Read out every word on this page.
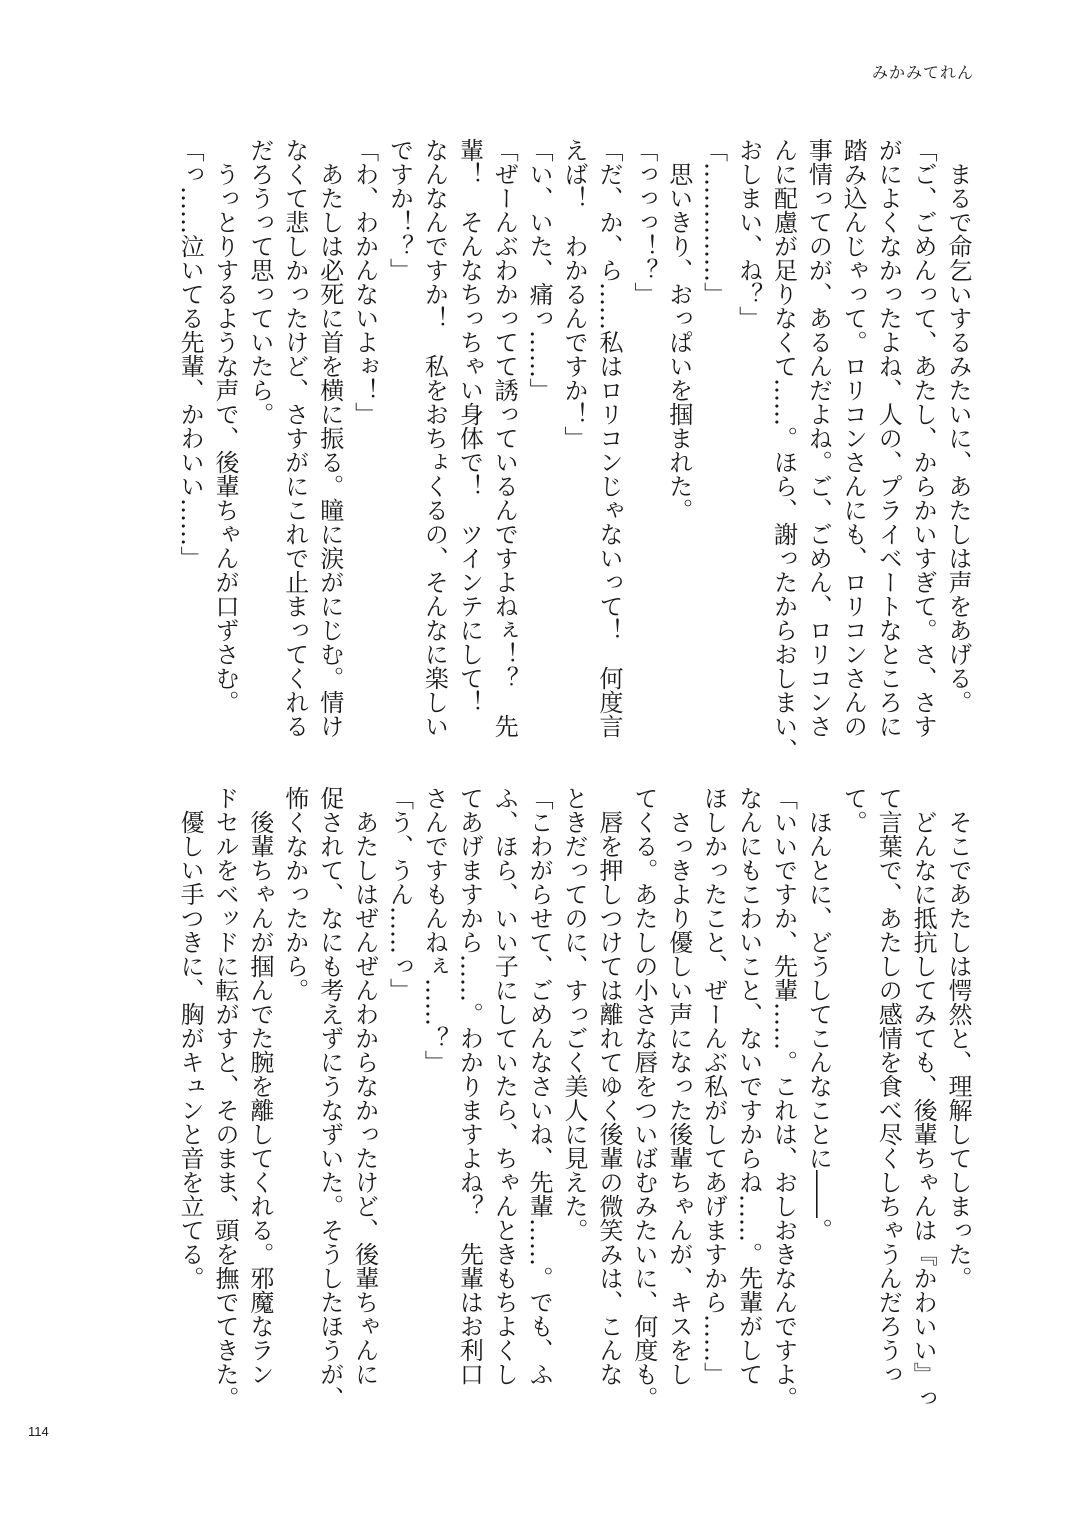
みかみてれん
　まるで命乞いするみたいに、あたしは声をあげる。
「ご、ごめんって、あたし、からかいすぎて。さ、さす
がによくなかったよね、人の、プライベートなところに
踏み込んじゃって。ロリコンさんにも、ロリコンさんの
事情ってのが、あるんだよね。ご、ごめん、ロリコンさ
んに配慮が足りなくて……。ほら、謝ったからおしまい、
おしまい、ね？」
「……………」
　思いきり、おっぱいを掴まれた。
「っっっ！？」
「だ、か、ら……私はロリコンじゃないって！　何度言
えば！　わかるんですか！」
「い、いた、痛っ……」
「ぜーんぶわかってて誘っているんですよねぇ！？　先
輩！　そんなちっちゃい身体で！　ツインテにして！
なんなんですか！　私をおちょくるの、そんなに楽しい
ですか！？」
「わ、わかんないよぉ！」
　あたしは必死に首を横に振る。瞳に涙がにじむ。情け
なくて悲しかったけど、さすがにこれで止まってくれる
だろうって思っていたら。
　うっとりするような声で、後輩ちゃんが口ずさむ。
「っ……泣いてる先輩、かわいい……」
　そこであたしは愕然と、理解してしまった。
　どんなに抵抗してみても、後輩ちゃんは『かわいい』っ
て言葉で、あたしの感情を食べ尽くしちゃうんだろうっ
て。
　ほんとに、どうしてこんなことに――。
「いいですか、先輩……。これは、おしおきなんですよ。
なんにもこわいこと、ないですからね……。先輩がして
ほしかったこと、ぜーんぶ私がしてあげますから……」
　さっきより優しい声になった後輩ちゃんが、キスをし
てくる。あたしの小さな唇をついばむみたいに、何度も。
　唇を押しつけては離れてゆく後輩の微笑みは、こんな
ときだってのに、すっごく美人に見えた。
「こわがらせて、ごめんなさいね、先輩……。でも、ふ
ふ、ほら、いい子にしていたら、ちゃんときもちよくし
てあげますから……。わかりますよね？　先輩はお利口
さんですもんねぇ……？」
「う、うん……っ」
　あたしはぜんぜんわからなかったけど、後輩ちゃんに
促されて、なにも考えずにうなずいた。そうしたほうが、
怖くなかったから。
　後輩ちゃんが掴んでた腕を離してくれる。邪魔なラン
ドセルをベッドに転がすと、そのまま、頭を撫でてきた。
　優しい手つきに、胸がキュンと音を立てる。
114
